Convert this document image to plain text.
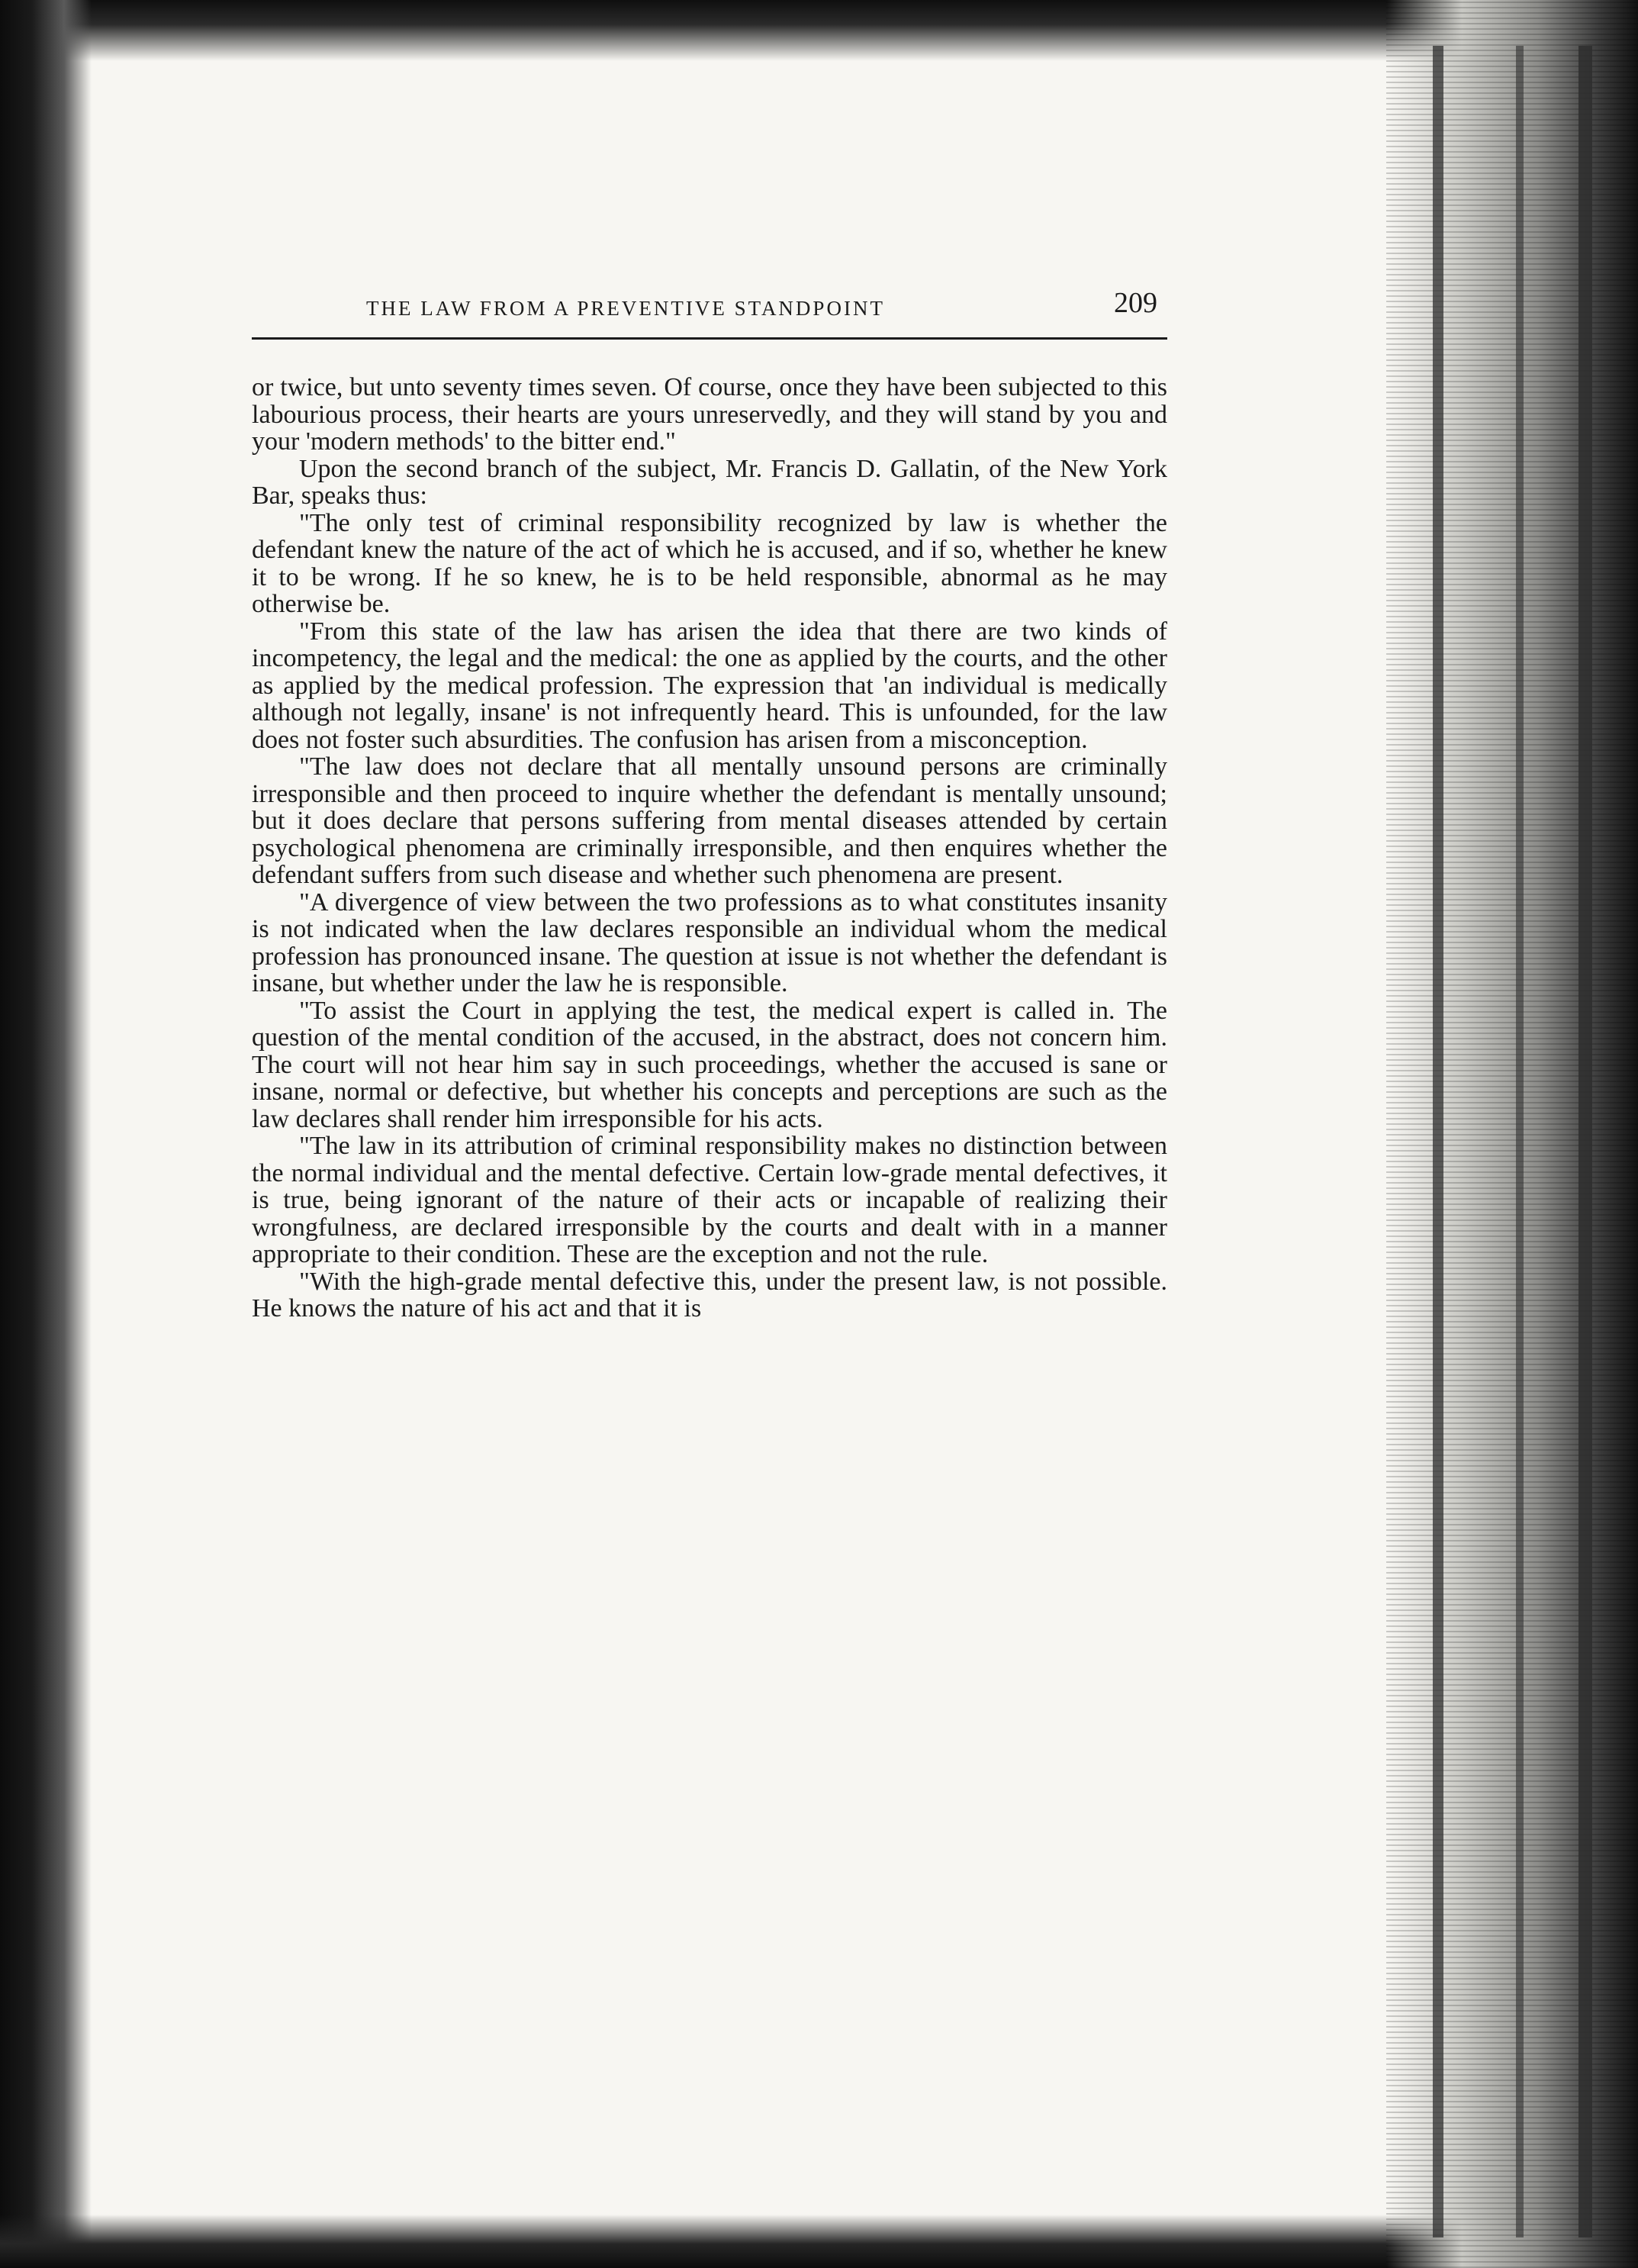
THE LAW FROM A PREVENTIVE STANDPOINT	209

or twice, but unto seventy times seven. Of course, once they have been subjected to this labourious process, their hearts are yours unreservedly, and they will stand by you and your 'modern methods' to the bitter end."

Upon the second branch of the subject, Mr. Francis D. Gallatin, of the New York Bar, speaks thus:

"The only test of criminal responsibility recognized by law is whether the defendant knew the nature of the act of which he is accused, and if so, whether he knew it to be wrong. If he so knew, he is to be held responsible, abnormal as he may otherwise be.

"From this state of the law has arisen the idea that there are two kinds of incompetency, the legal and the medical: the one as applied by the courts, and the other as applied by the medical profession. The expression that 'an individual is medically although not legally, insane' is not infrequently heard. This is unfounded, for the law does not foster such absurdities. The confusion has arisen from a misconception.

"The law does not declare that all mentally unsound persons are criminally irresponsible and then proceed to inquire whether the defendant is mentally unsound; but it does declare that persons suffering from mental diseases attended by certain psychological phenomena are criminally irresponsible, and then enquires whether the defendant suffers from such disease and whether such phenomena are present.

"A divergence of view between the two professions as to what constitutes insanity is not indicated when the law declares responsible an individual whom the medical profession has pronounced insane. The question at issue is not whether the defendant is insane, but whether under the law he is responsible.

"To assist the Court in applying the test, the medical expert is called in. The question of the mental condition of the accused, in the abstract, does not concern him. The court will not hear him say in such proceedings, whether the accused is sane or insane, normal or defective, but whether his concepts and perceptions are such as the law declares shall render him irresponsible for his acts.

"The law in its attribution of criminal responsibility makes no distinction between the normal individual and the mental defective. Certain low-grade mental defectives, it is true, being ignorant of the nature of their acts or incapable of realizing their wrongfulness, are declared irresponsible by the courts and dealt with in a manner appropriate to their condition. These are the exception and not the rule.

"With the high-grade mental defective this, under the present law, is not possible. He knows the nature of his act and that it is
